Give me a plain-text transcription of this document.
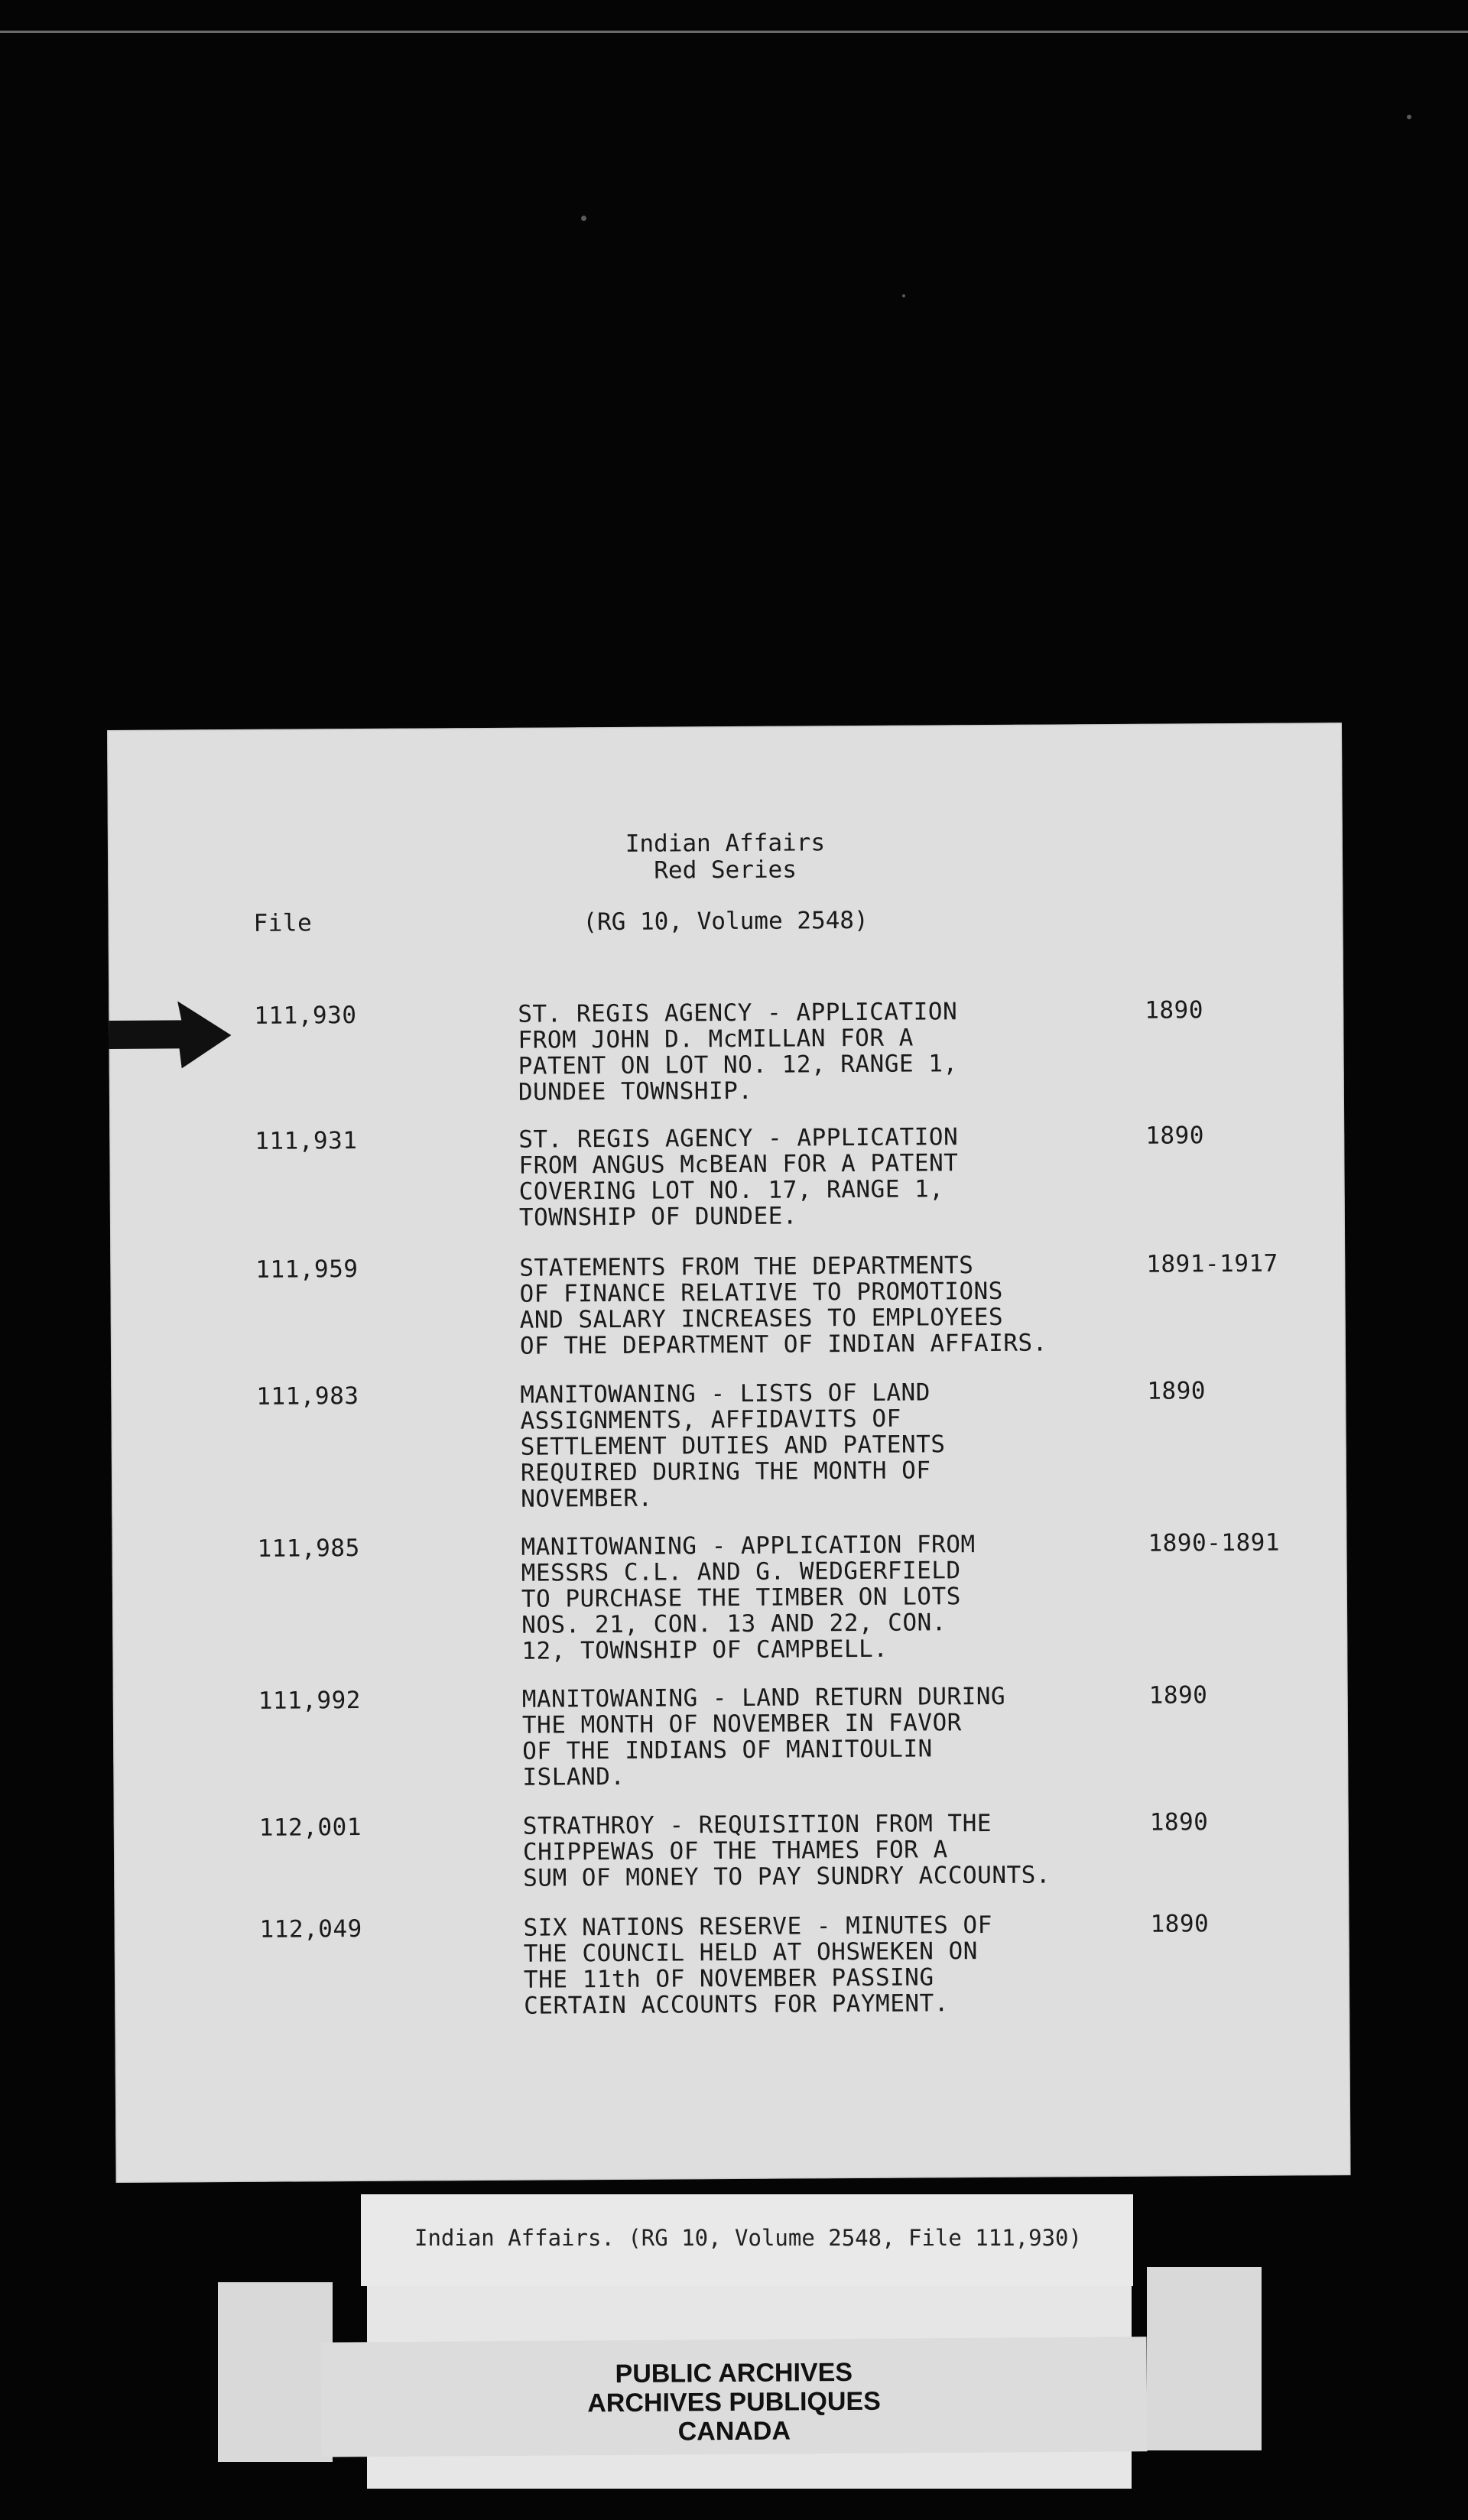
Indian Affairs
Red Series
File	(RG 10, Volume 2548)
111,930	ST. REGIS AGENCY - APPLICATION
FROM JOHN D. McMILLAN FOR A
PATENT ON LOT NO. 12, RANGE 1,
DUNDEE TOWNSHIP.
1890
111,931	ST. REGIS AGENCY - APPLICATION
FROM ANGUS McBEAN FOR A PATENT
COVERING LOT NO. 17, RANGE 1,
TOWNSHIP OF DUNDEE.
1890
111,959	STATEMENTS FROM THE DEPARTMENTS
OF FINANCE RELATIVE TO PROMOTIONS
AND SALARY INCREASES TO EMPLOYEES
OF THE DEPARTMENT OF INDIAN AFFAIRS.
1891-1917
111,983	MANITOWANING - LISTS OF LAND
ASSIGNMENTS, AFFIDAVITS OF
SETTLEMENT DUTIES AND PATENTS
REQUIRED DURING THE MONTH OF
NOVEMBER.
1890
111,985	MANITOWANING - APPLICATION FROM
MESSRS C.L. AND G. WEDGERFIELD
TO PURCHASE THE TIMBER ON LOTS
NOS. 21, CON. 13 AND 22, CON.
12, TOWNSHIP OF CAMPBELL.
1890-1891
111,992	MANITOWANING - LAND RETURN DURING
THE MONTH OF NOVEMBER IN FAVOR
OF THE INDIANS OF MANITOULIN
ISLAND.
1890
112,001	STRATHROY - REQUISITION FROM THE
CHIPPEWAS OF THE THAMES FOR A
SUM OF MONEY TO PAY SUNDRY ACCOUNTS.
1890
112,049	SIX NATIONS RESERVE - MINUTES OF
THE COUNCIL HELD AT OHSWEKEN ON
THE 11th OF NOVEMBER PASSING
CERTAIN ACCOUNTS FOR PAYMENT.
1890
Indian Affairs. (RG 10, Volume 2548, File 111,930)
PUBLIC ARCHIVES
ARCHIVES PUBLIQUES
CANADA
